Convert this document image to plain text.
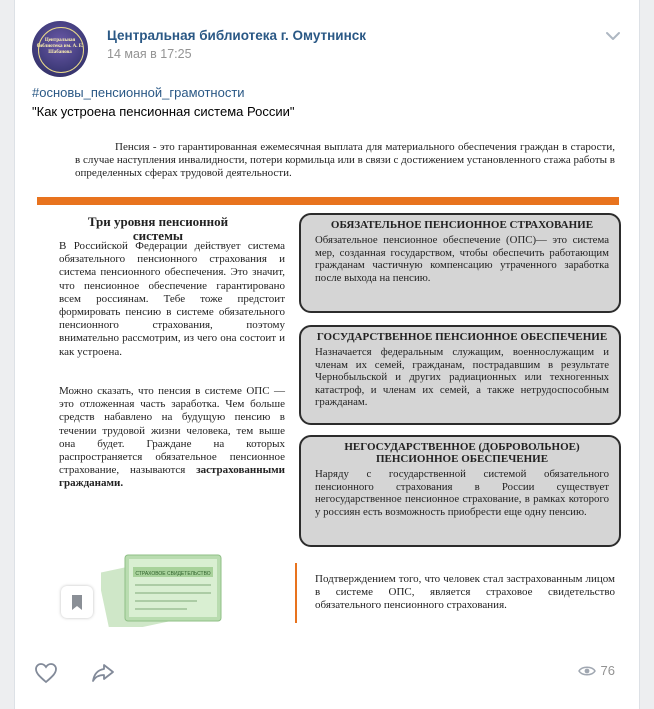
Центральная библиотека им. А. Е. Шабанова
Центральная библиотека г. Омутнинск
14 мая в 17:25
#основы_пенсионной_грамотности
"Как устроена пенсионная система России"
Пенсия - это гарантированная ежемесячная выплата для материального обеспечения граждан в старости, в случае наступления инвалидности, потери кормильца или в связи с достижением установленного стажа работы в определенных сферах трудовой деятельности.
Три уровня пенсионной системы
В Российской Федерации действует система обязательного пенсионного страхования и система пенсионного обеспечения. Это значит, что пенсионное обеспечение гарантировано всем россиянам. Тебе тоже предстоит формировать пенсию в системе обязательного пенсионного страхования, поэтому внимательно рассмотрим, из чего она состоит и как устроена.
Можно сказать, что пенсия в системе ОПС — это отложенная часть заработка. Чем больше средств набавлено на будущую пенсию в течении трудовой жизни человека, тем выше она будет. Граждане на которых распространяется обязательное пенсионное страхование, называются застрахованными гражданами.
ОБЯЗАТЕЛЬНОЕ ПЕНСИОННОЕ СТРАХОВАНИЕ
Обязательное пенсионное обеспечение (ОПС)— это система мер, созданная государством, чтобы обеспечить работающим гражданам частичную компенсацию утраченного заработка после выхода на пенсию.
ГОСУДАРСТВЕННОЕ ПЕНСИОННОЕ ОБЕСПЕЧЕНИЕ
Назначается федеральным служащим, военнослужащим и членам их семей, гражданам, пострадавшим в результате Чернобыльской и других радиационных или техногенных катастроф, и членам их семей, а также нетрудоспособным гражданам.
НЕГОСУДАРСТВЕННОЕ (ДОБРОВОЛЬНОЕ) ПЕНСИОННОЕ ОБЕСПЕЧЕНИЕ
Наряду с государственной системой обязательного пенсионного страхования в России существует негосударственное пенсионное страхование, в рамках которого у россиян есть возможность приобрести еще одну пенсию.
Подтверждением того, что человек стал застрахованным лицом в системе ОПС, является страховое свидетельство обязательного пенсионного страхования.
СТРАХОВОЕ СВИДЕТЕЛЬСТВО
76
